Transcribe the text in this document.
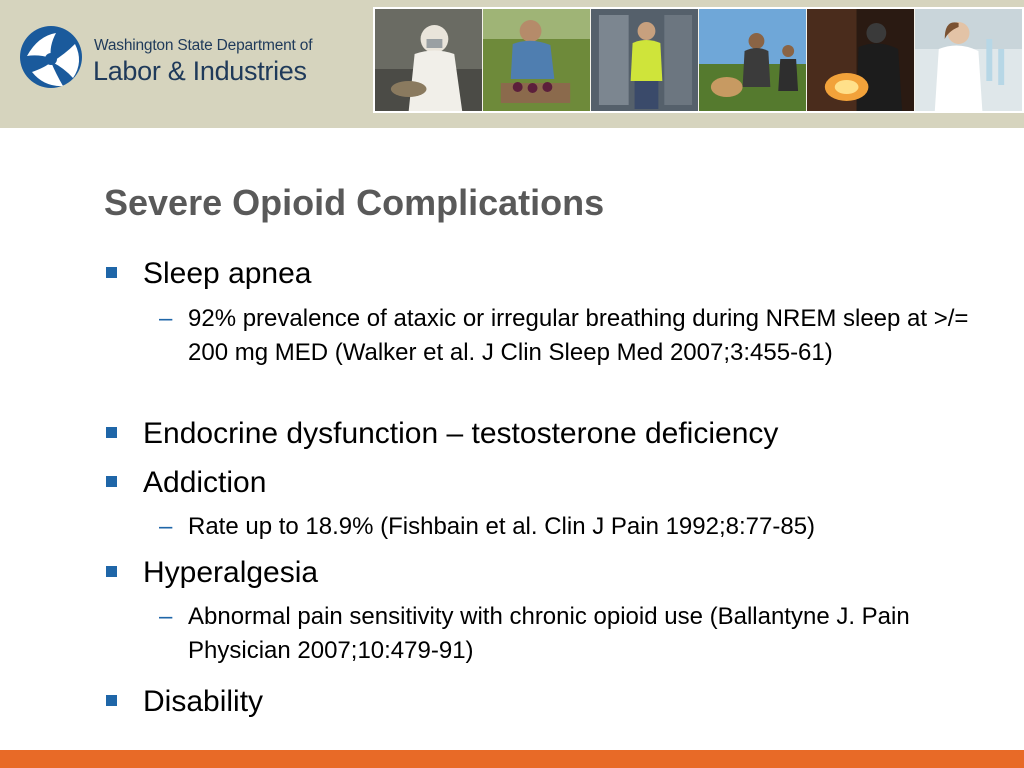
Washington State Department of
Labor & Industries
Severe Opioid Complications
Sleep apnea
– 92% prevalence of ataxic or irregular breathing during NREM sleep at >/= 200 mg MED (Walker et al. J Clin Sleep Med 2007;3:455-61)
Endocrine dysfunction – testosterone deficiency
Addiction
– Rate up to 18.9% (Fishbain et al. Clin J Pain 1992;8:77-85)
Hyperalgesia
– Abnormal pain sensitivity with chronic opioid use (Ballantyne J. Pain Physician 2007;10:479-91)
Disability
